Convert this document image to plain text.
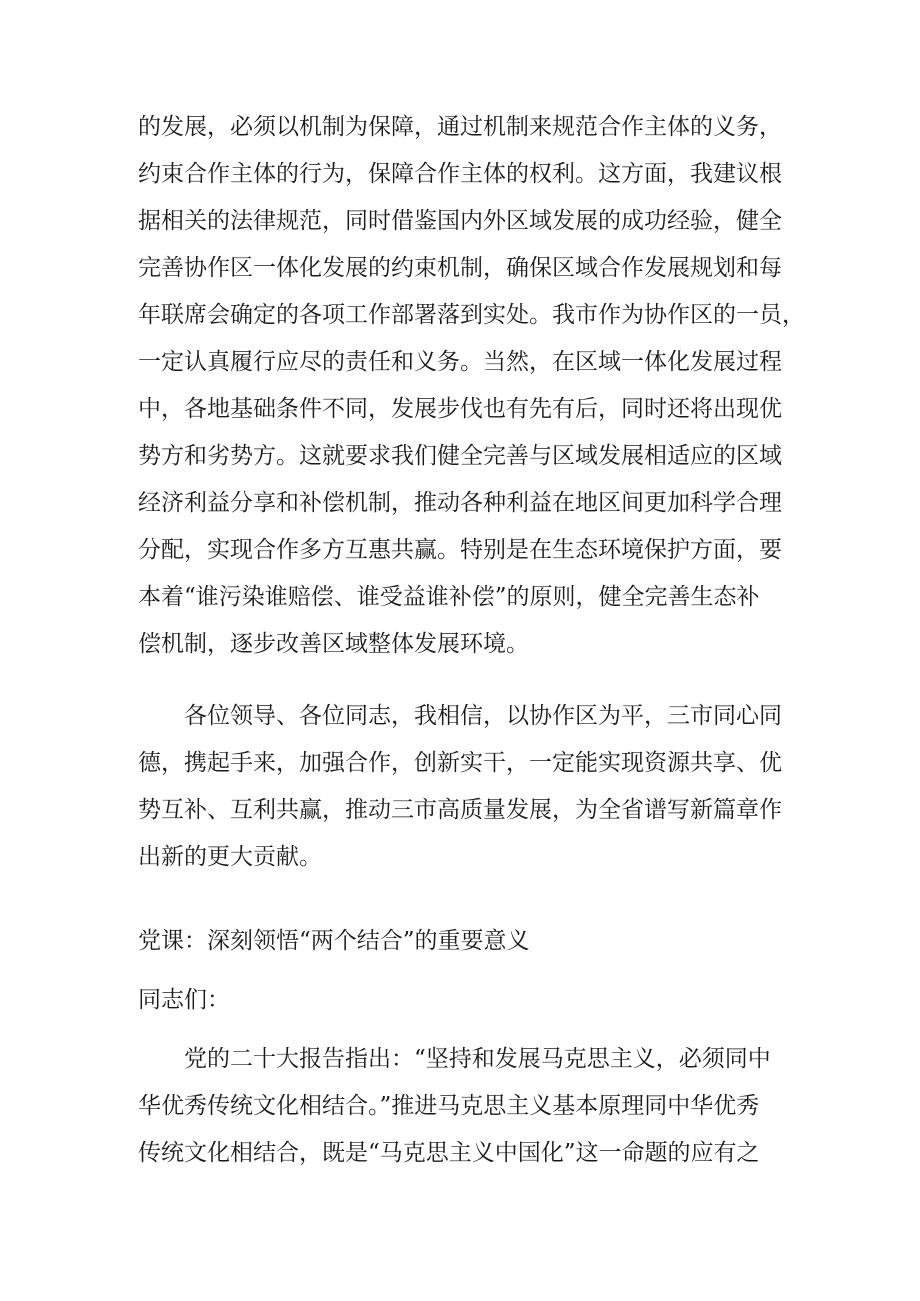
的发展，必须以机制为保障，通过机制来规范合作主体的义务，
约束合作主体的行为，保障合作主体的权利。这方面，我建议根
据相关的法律规范，同时借鉴国内外区域发展的成功经验，健全
完善协作区一体化发展的约束机制，确保区域合作发展规划和每
年联席会确定的各项工作部署落到实处。我市作为协作区的一员，
一定认真履行应尽的责任和义务。当然，在区域一体化发展过程
中，各地基础条件不同，发展步伐也有先有后，同时还将出现优
势方和劣势方。这就要求我们健全完善与区域发展相适应的区域
经济利益分享和补偿机制，推动各种利益在地区间更加科学合理
分配，实现合作多方互惠共赢。特别是在生态环境保护方面，要
本着“谁污染谁赔偿、谁受益谁补偿”的原则，健全完善生态补
偿机制，逐步改善区域整体发展环境。
　　各位领导、各位同志，我相信，以协作区为平，三市同心同
德，携起手来，加强合作，创新实干，一定能实现资源共享、优
势互补、互利共赢，推动三市高质量发展，为全省谱写新篇章作
出新的更大贡献。
党课：深刻领悟“两个结合”的重要意义
同志们：
　　党的二十大报告指出：“坚持和发展马克思主义，必须同中
华优秀传统文化相结合。”推进马克思主义基本原理同中华优秀
传统文化相结合，既是“马克思主义中国化”这一命题的应有之
